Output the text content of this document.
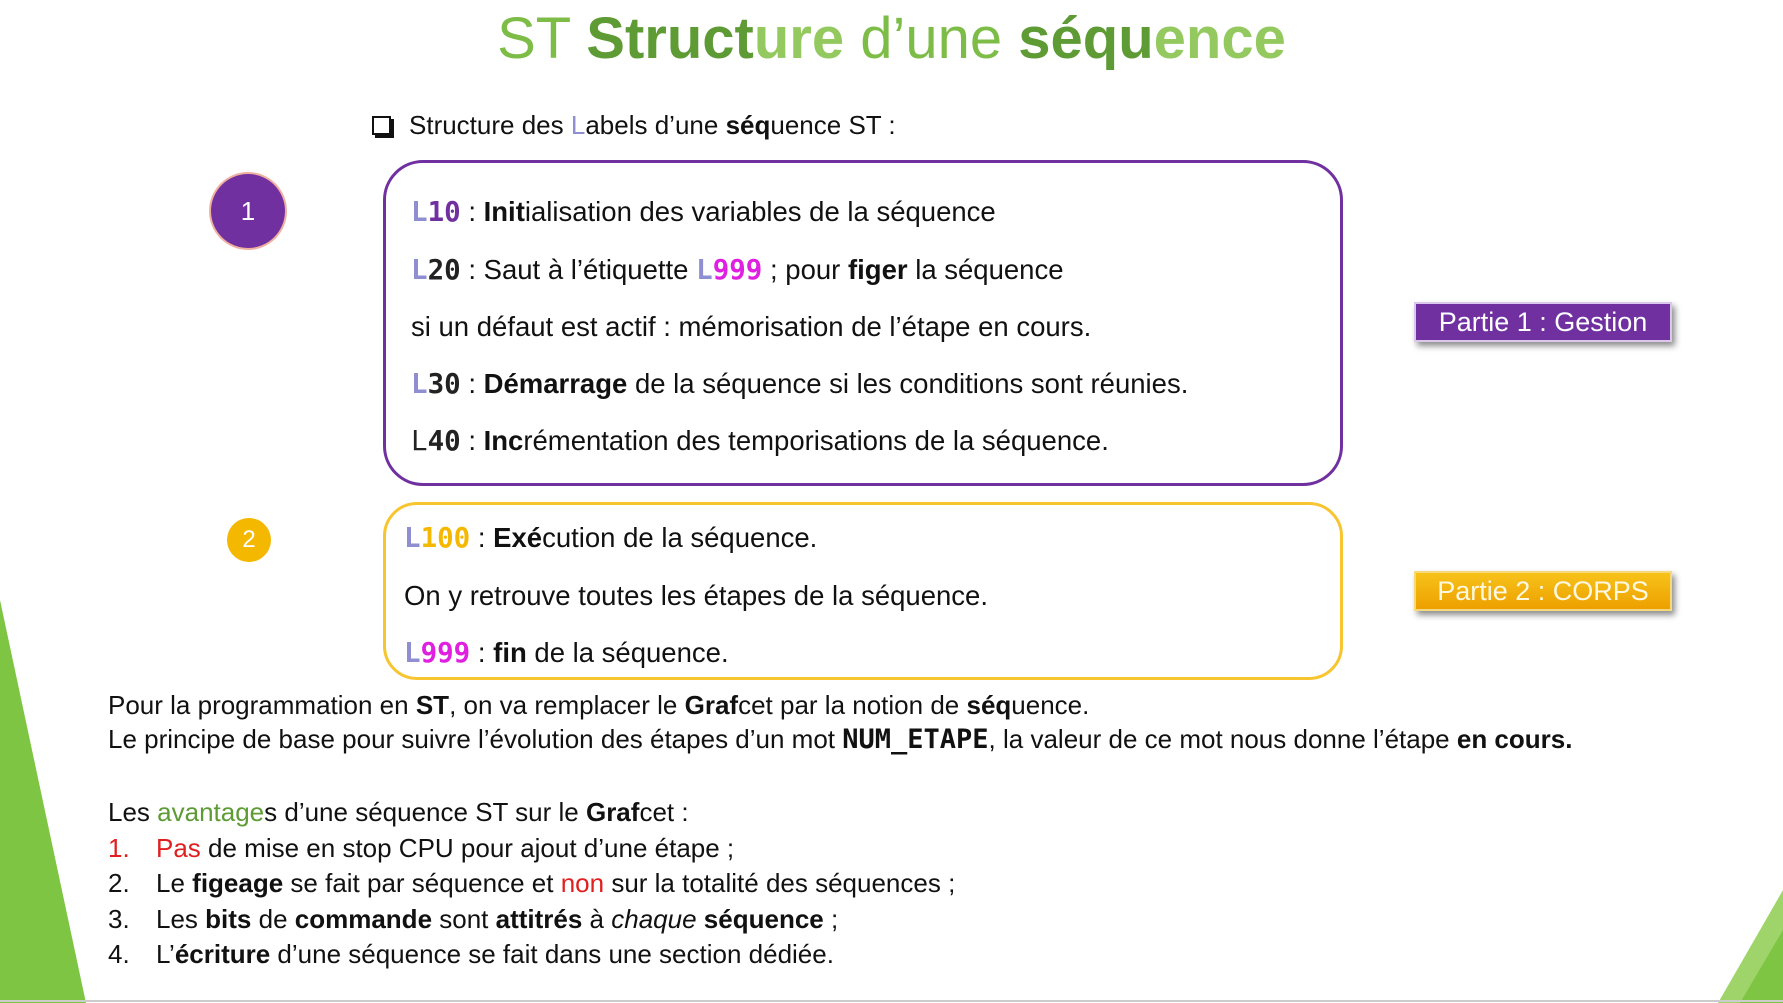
ST Structure d’une séquence
Structure des Labels d’une séquence ST :
1
2
L10 : Initialisation des variables de la séquence
L20 : Saut à l’étiquette L999 ; pour figer la séquence
si un défaut est actif : mémorisation de l’étape en cours.
L30 : Démarrage de la séquence si les conditions sont réunies.
L40 : Incrémentation des temporisations de la séquence.
L100 : Exécution de la séquence.
On y retrouve toutes les étapes de la séquence.
L999 : fin de la séquence.
Partie 1 : Gestion
Partie 2 : CORPS
Pour la programmation en ST, on va remplacer le Grafcet par la notion de séquence.
Le principe de base pour suivre l’évolution des étapes d’un mot NUM_ETAPE, la valeur de ce mot nous donne l’étape en cours.
Les avantages d’une séquence ST sur le Grafcet :
1. Pas de mise en stop CPU pour ajout d’une étape ;
2. Le figeage se fait par séquence et non sur la totalité des séquences ;
3. Les bits de commande sont attitrés à chaque séquence ;
4. L’écriture d’une séquence se fait dans une section dédiée.
